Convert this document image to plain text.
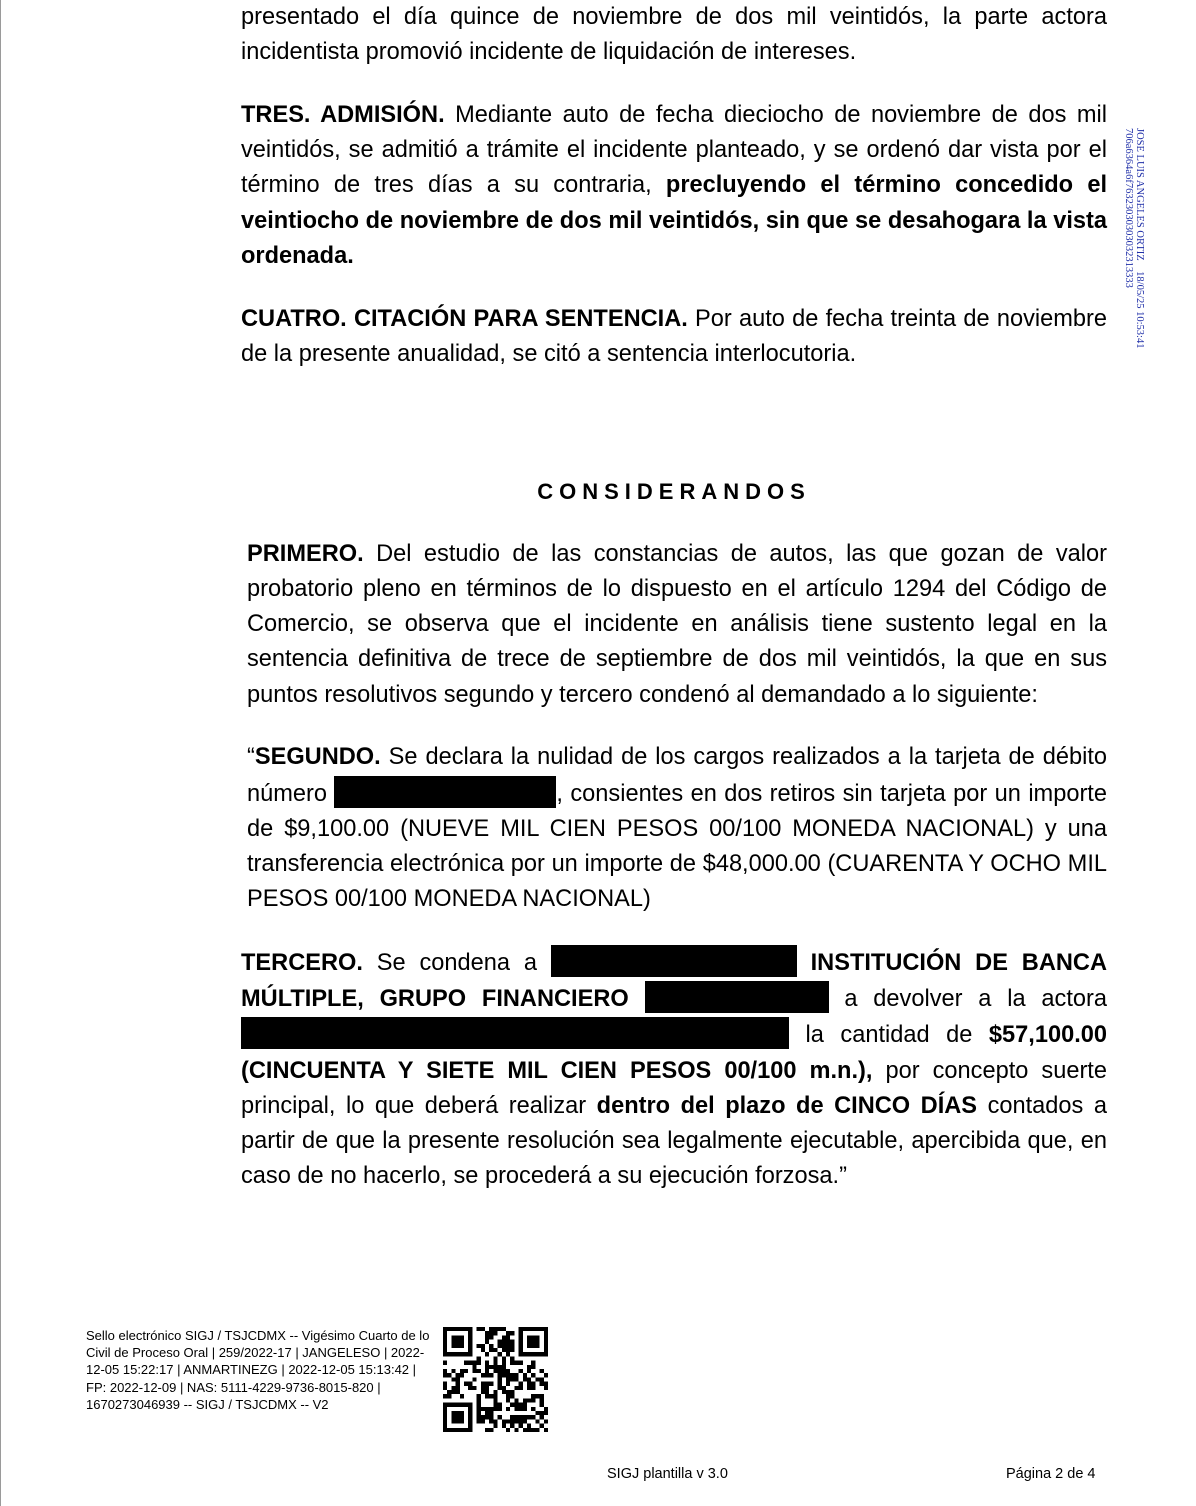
presentado el día quince de noviembre de dos mil veintidós, la parte actora incidentista promovió incidente de liquidación de intereses.

TRES. ADMISIÓN. Mediante auto de fecha dieciocho de noviembre de dos mil veintidós, se admitió a trámite el incidente planteado, y se ordenó dar vista por el término de tres días a su contraria, precluyendo el término concedido el veintiocho de noviembre de dos mil veintidós, sin que se desahogara la vista ordenada.

CUATRO. CITACIÓN PARA SENTENCIA. Por auto de fecha treinta de noviembre de la presente anualidad, se citó a sentencia interlocutoria.

CONSIDERANDOS

PRIMERO. Del estudio de las constancias de autos, las que gozan de valor probatorio pleno en términos de lo dispuesto en el artículo 1294 del Código de Comercio, se observa que el incidente en análisis tiene sustento legal en la sentencia definitiva de trece de septiembre de dos mil veintidós, la que en sus puntos resolutivos segundo y tercero condenó al demandado a lo siguiente:

“SEGUNDO. Se declara la nulidad de los cargos realizados a la tarjeta de débito número	, consientes en dos retiros sin tarjeta por un importe de $9,100.00 (NUEVE MIL CIEN PESOS 00/100 MONEDA NACIONAL) y una transferencia electrónica por un importe de $48,000.00 (CUARENTA Y OCHO MIL PESOS 00/100 MONEDA NACIONAL)

TERCERO. Se condena a	INSTITUCIÓN DE BANCA MÚLTIPLE, GRUPO FINANCIERO	a devolver a la actora  la cantidad de $57,100.00 (CINCUENTA Y SIETE MIL CIEN PESOS 00/100 m.n.), por concepto suerte principal, lo que deberá realizar dentro del plazo de CINCO DÍAS contados a partir de que la presente resolución sea legalmente ejecutable, apercibida que, en caso de no hacerlo, se procederá a su ejecución forzosa.”

JOSE LUIS ANGELES ORTIZ    18/05/25 10:53:41
706a6364a6f76323030303032313333
Sello electrónico SIGJ / TSJCDMX -- Vigésimo Cuarto de lo Civil de Proceso Oral | 259/2022-17 | JANGELESO | 2022-12-05 15:22:17 | ANMARTINEZG | 2022-12-05 15:13:42 | FP: 2022-12-09 | NAS: 5111-4229-9736-8015-820 | 1670273046939 -- SIGJ / TSJCDMX -- V2
SIGJ plantilla v 3.0	Página 2 de 4
